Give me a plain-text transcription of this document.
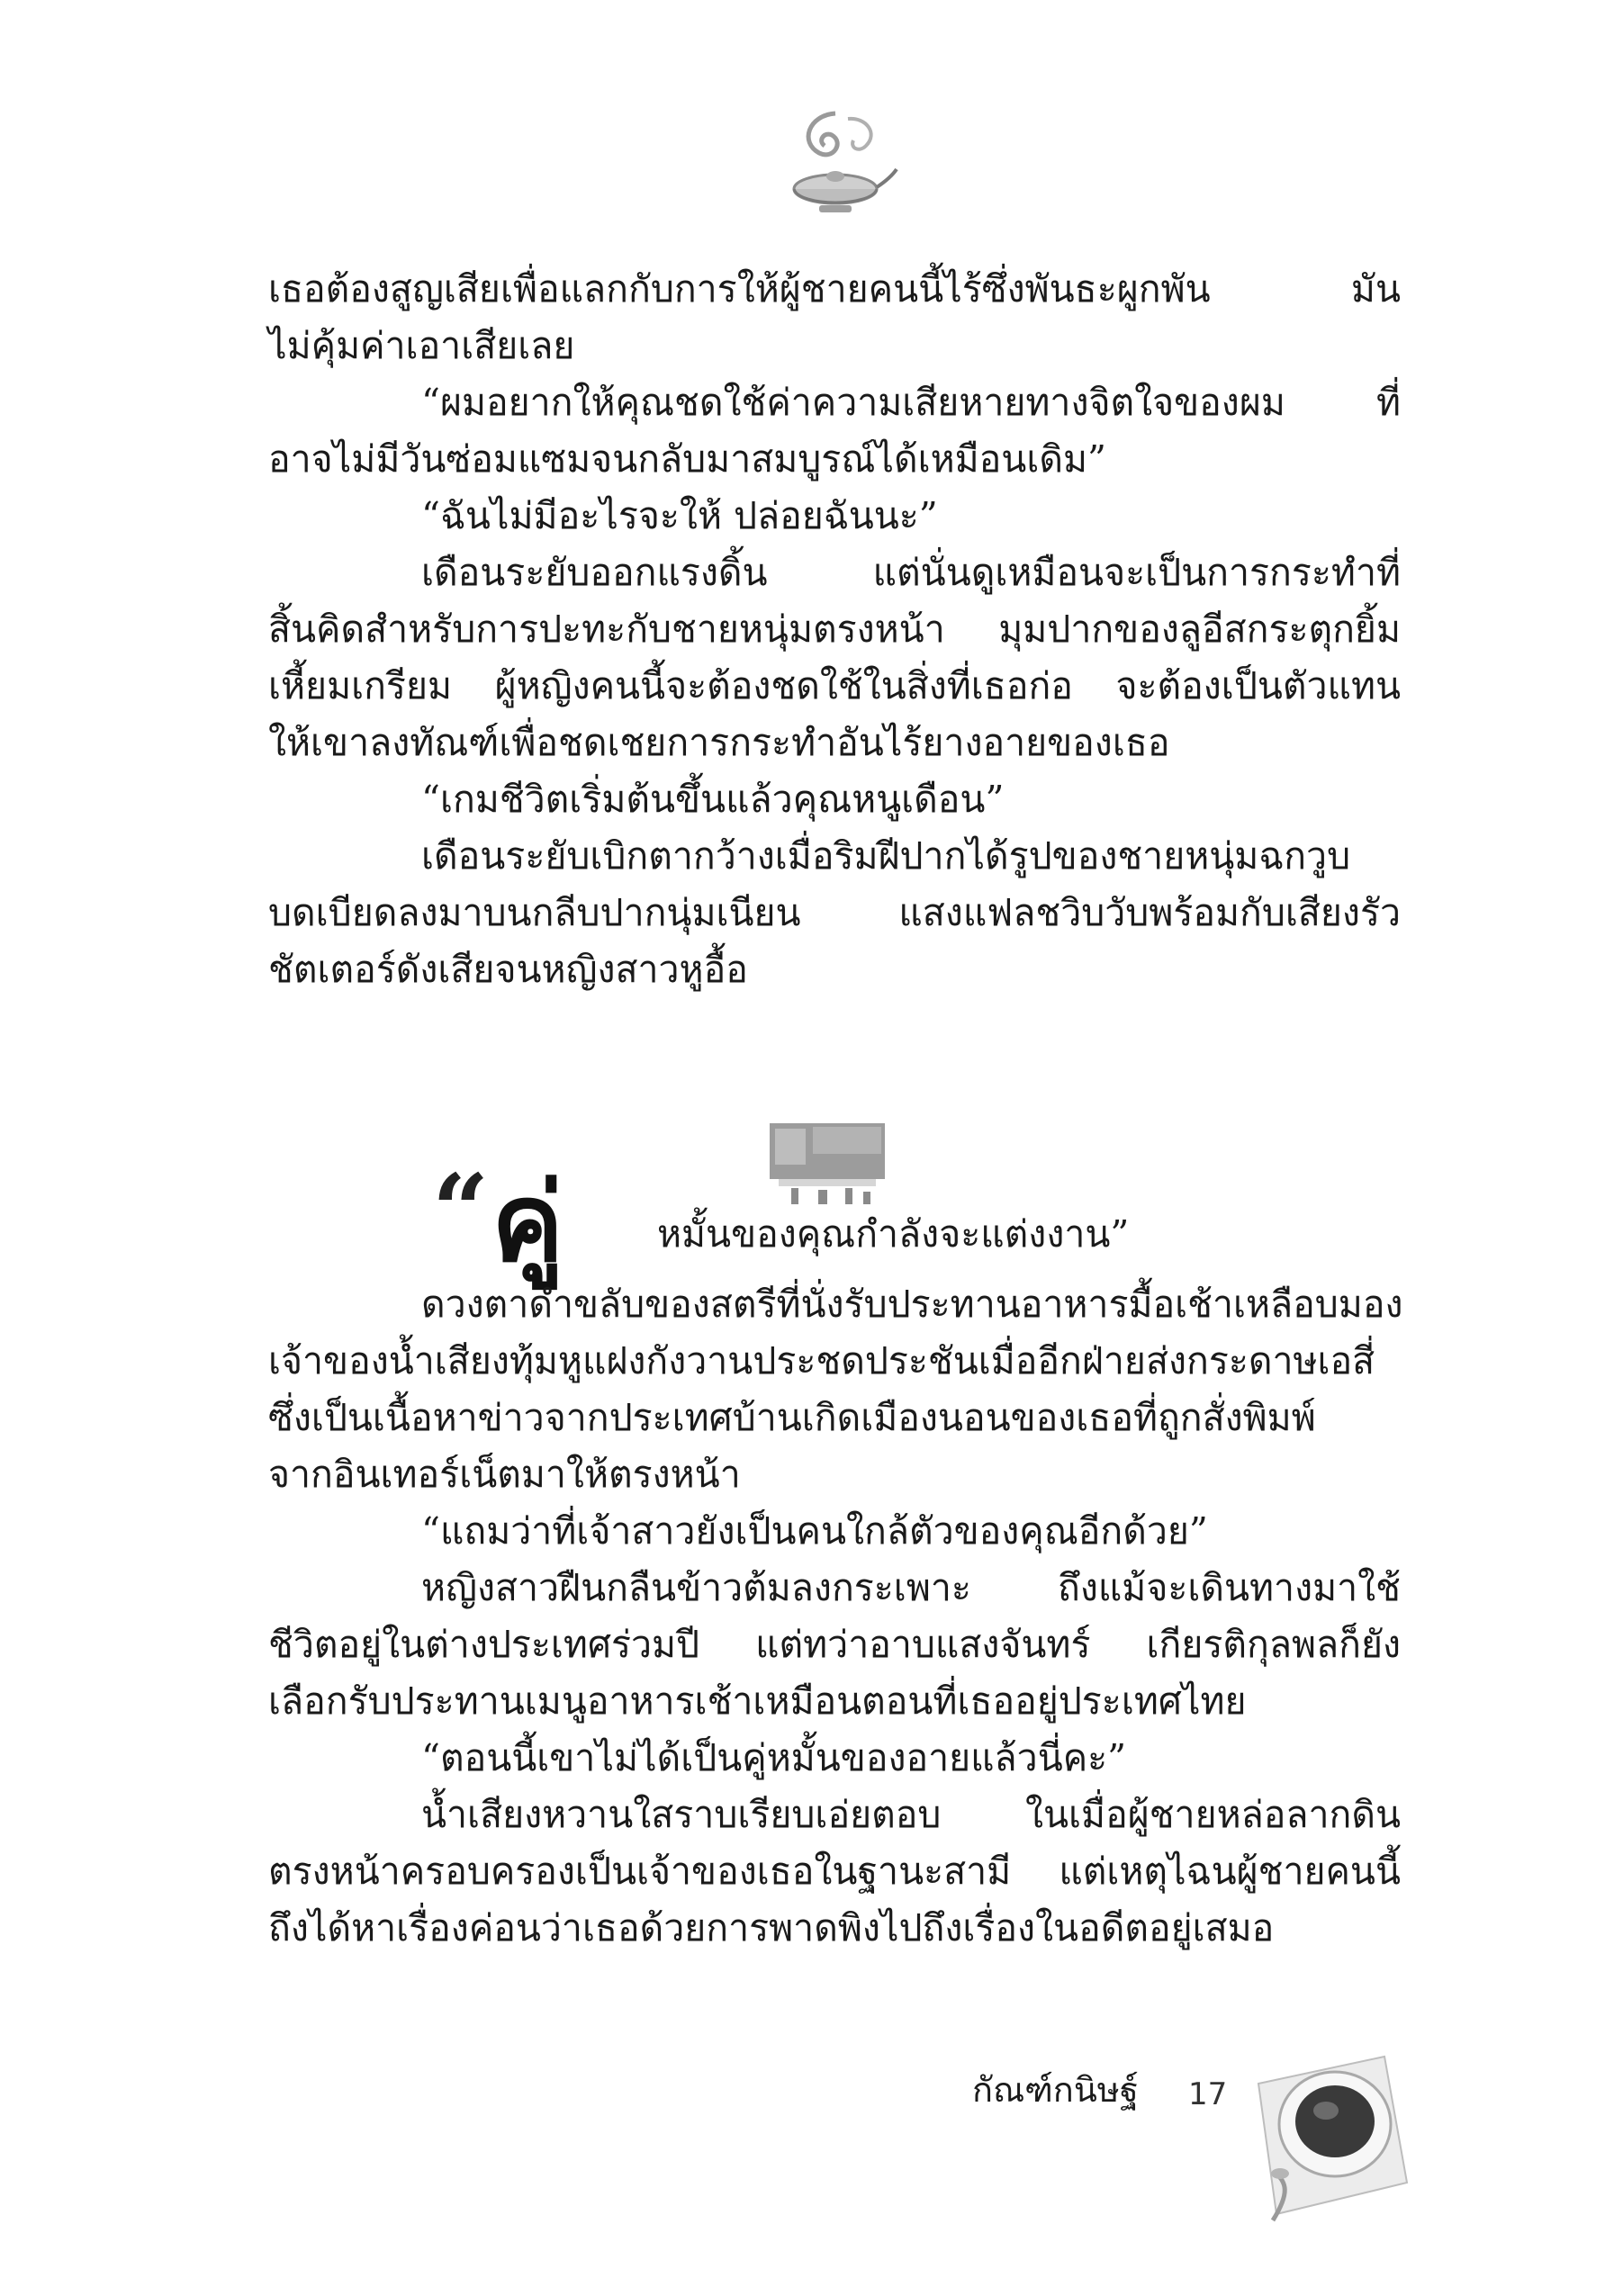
เธอต้องสูญเสียเพื่อแลกกับการให้ผู้ชายคนนี้ไร้ซึ่งพันธะผูกพัน มัน
ไม่คุ้มค่าเอาเสียเลย
“ผมอยากให้คุณชดใช้ค่าความเสียหายทางจิตใจของผม ที่
อาจไม่มีวันซ่อมแซมจนกลับมาสมบูรณ์ได้เหมือนเดิม”
“ฉันไม่มีอะไรจะให้ ปล่อยฉันนะ”
เดือนระยับออกแรงดิ้น แต่นั่นดูเหมือนจะเป็นการกระทำที่
สิ้นคิดสำหรับการปะทะกับชายหนุ่มตรงหน้า มุมปากของลูอีสกระตุกยิ้ม
เหี้ยมเกรียม ผู้หญิงคนนี้จะต้องชดใช้ในสิ่งที่เธอก่อ จะต้องเป็นตัวแทน
ให้เขาลงทัณฑ์เพื่อชดเชยการกระทำอันไร้ยางอายของเธอ
“เกมชีวิตเริ่มต้นขึ้นแล้วคุณหนูเดือน”
เดือนระยับเบิกตากว้างเมื่อริมฝีปากได้รูปของชายหนุ่มฉกวูบ
บดเบียดลงมาบนกลีบปากนุ่มเนียน แสงแฟลชวิบวับพร้อมกับเสียงรัว
ชัตเตอร์ดังเสียจนหญิงสาวหูอื้อ
“ คู่	หมั้นของคุณกำลังจะแต่งงาน”
ดวงตาดำขลับของสตรีที่นั่งรับประทานอาหารมื้อเช้าเหลือบมอง
เจ้าของน้ำเสียงทุ้มหูแฝงกังวานประชดประชันเมื่ออีกฝ่ายส่งกระดาษเอสี่
ซึ่งเป็นเนื้อหาข่าวจากประเทศบ้านเกิดเมืองนอนของเธอที่ถูกสั่งพิมพ์
จากอินเทอร์เน็ตมาให้ตรงหน้า
“แถมว่าที่เจ้าสาวยังเป็นคนใกล้ตัวของคุณอีกด้วย”
หญิงสาวฝืนกลืนข้าวต้มลงกระเพาะ ถึงแม้จะเดินทางมาใช้
ชีวิตอยู่ในต่างประเทศร่วมปี แต่ทว่าอาบแสงจันทร์ เกียรติกุลพลก็ยัง
เลือกรับประทานเมนูอาหารเช้าเหมือนตอนที่เธออยู่ประเทศไทย
“ตอนนี้เขาไม่ได้เป็นคู่หมั้นของอายแล้วนี่คะ”
น้ำเสียงหวานใสราบเรียบเอ่ยตอบ ในเมื่อผู้ชายหล่อลากดิน
ตรงหน้าครอบครองเป็นเจ้าของเธอในฐานะสามี แต่เหตุไฉนผู้ชายคนนี้
ถึงได้หาเรื่องค่อนว่าเธอด้วยการพาดพิงไปถึงเรื่องในอดีตอยู่เสมอ
กัณฑ์กนิษฐ์ 17
